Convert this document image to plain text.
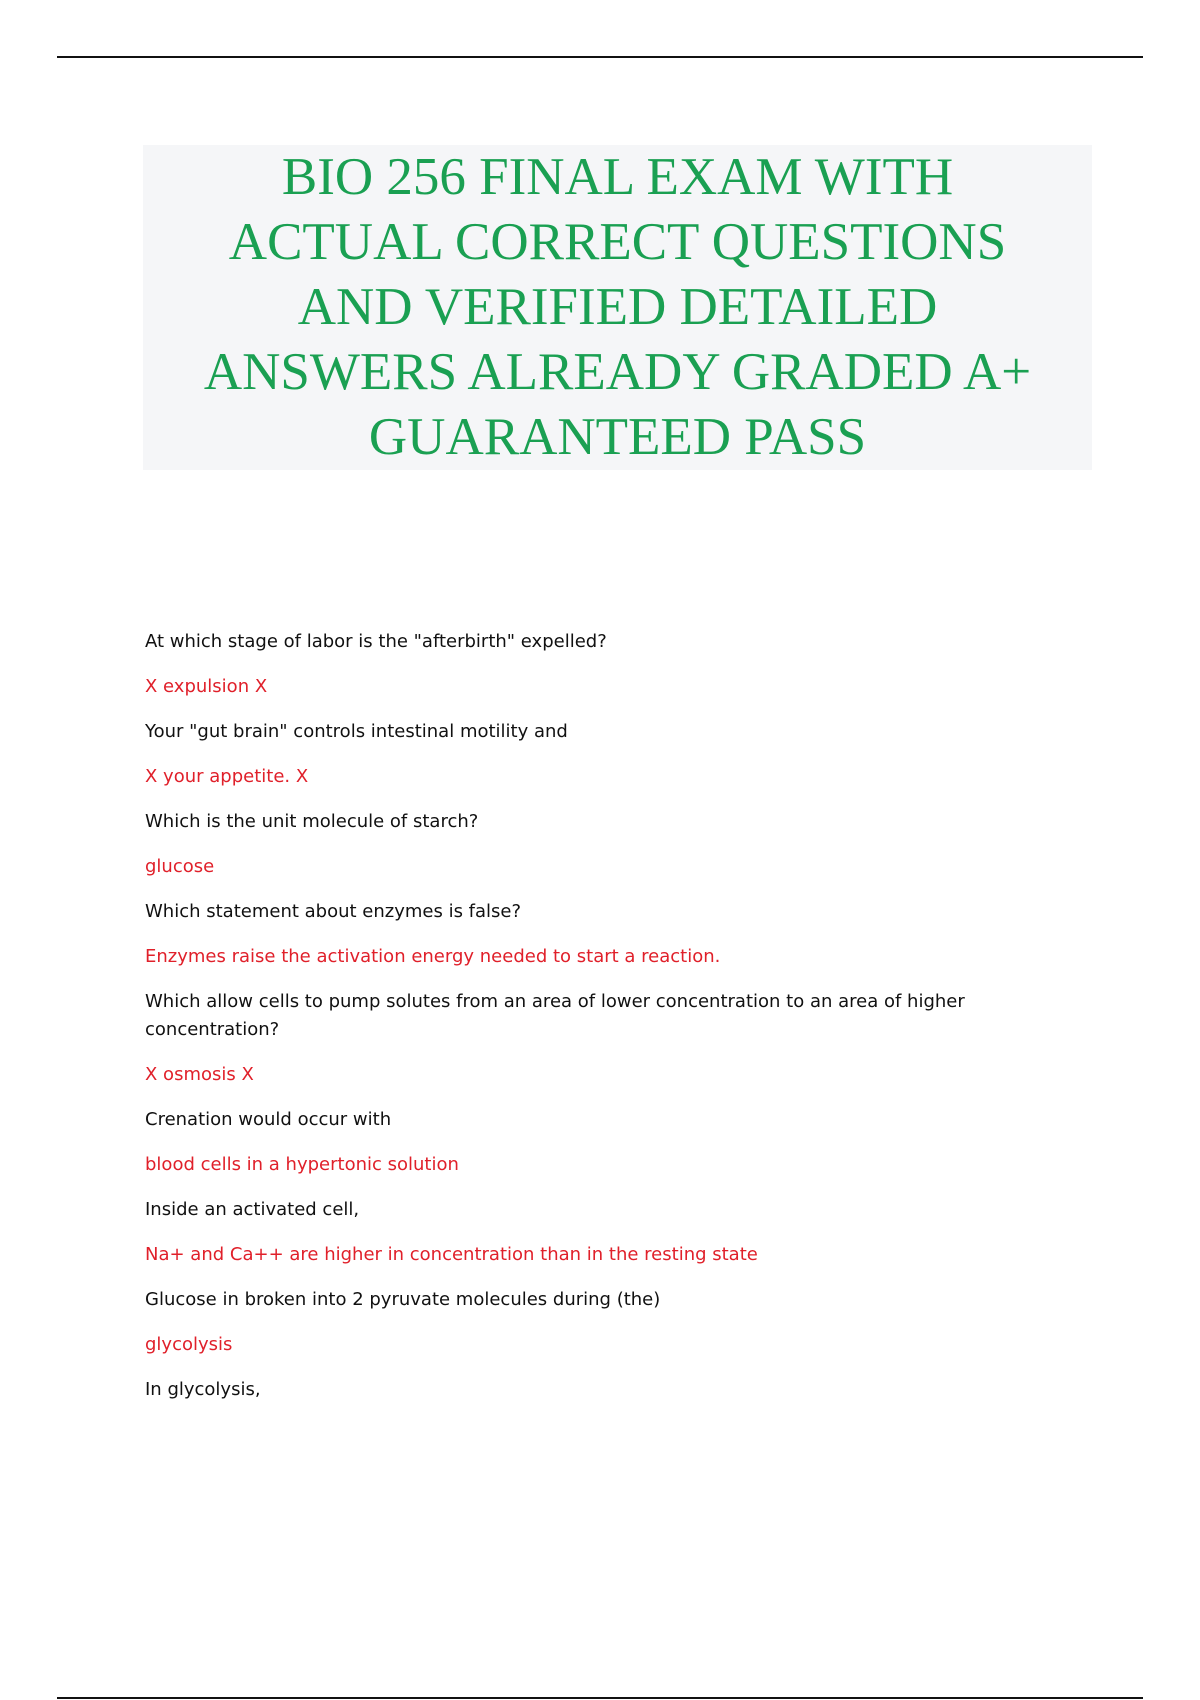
BIO 256 FINAL EXAM WITH
ACTUAL CORRECT QUESTIONS
AND VERIFIED DETAILED
ANSWERS ALREADY GRADED A+
GUARANTEED PASS

At which stage of labor is the "afterbirth" expelled?

X expulsion X

Your "gut brain" controls intestinal motility and

X your appetite. X

Which is the unit molecule of starch?

glucose

Which statement about enzymes is false?

Enzymes raise the activation energy needed to start a reaction.

Which allow cells to pump solutes from an area of lower concentration to an area of higher concentration?

X osmosis X

Crenation would occur with

blood cells in a hypertonic solution

Inside an activated cell,

Na+ and Ca++ are higher in concentration than in the resting state

Glucose in broken into 2 pyruvate molecules during (the)

glycolysis

In glycolysis,
